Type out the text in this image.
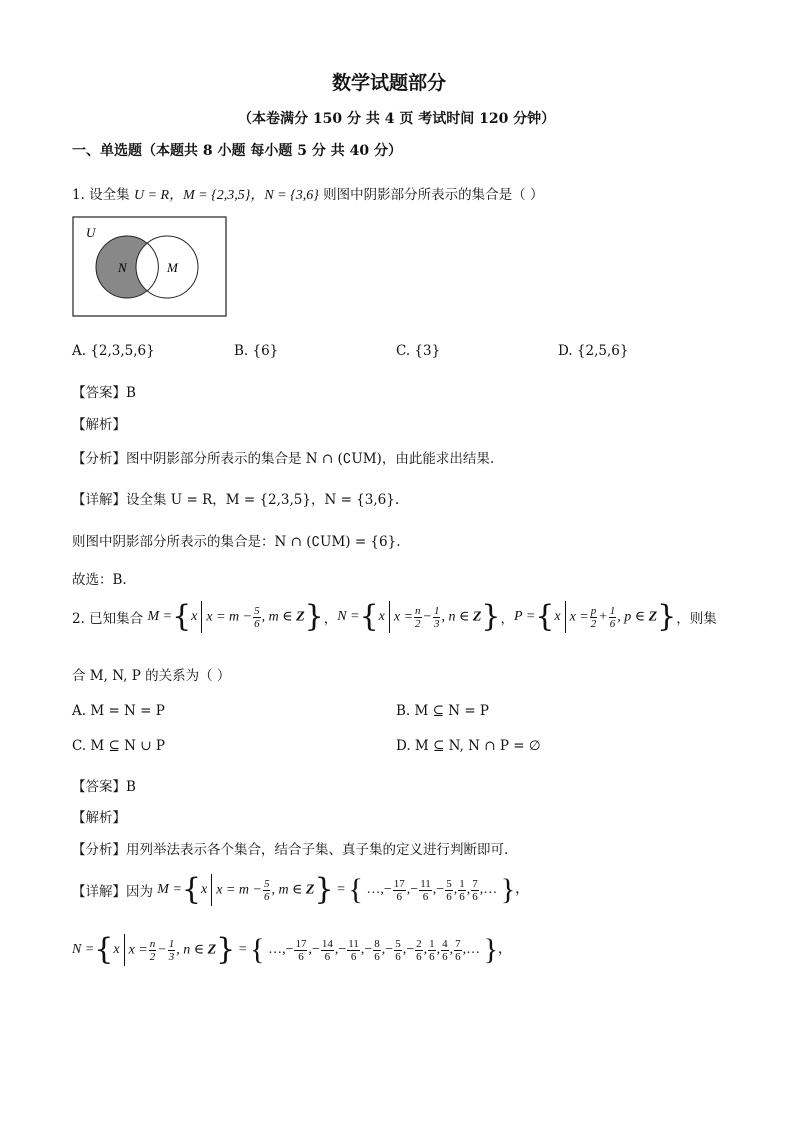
数学试题部分
（本卷满分 150 分 共 4 页 考试时间 120 分钟）
一、单选题（本题共 8 小题 每小题 5 分 共 40 分）
1. 设全集 U = R，M = {2,3,5}，N = {3,6} 则图中阴影部分所表示的集合是（ ）
U
N	M
A. {2,3,5,6}	B. {6}	C. {3}	D. {2,5,6}
【答案】B
【解析】
【分析】图中阴影部分所表示的集合是 N ∩ (∁UM)，由此能求出结果.
【详解】设全集 U = R，M = {2,3,5}，N = {3,6}.
则图中阴影部分所表示的集合是：N ∩ (∁UM) = {6}.
故选：B.
2. 已知集合
M = { x $x = m - \frac{5}{6}$ , m ∈ Z } ， N = { x $x = \frac{n}{2} - \frac{1}{3}$ , n ∈ Z } ， P = { x $x = \frac{p}{2} + \frac{1}{6}$ , p ∈ Z } ，则集
合 M, N, P 的关系为（ ）
A. M = N = P	B. M ⊆ N = P
C. M ⊆ N ∪ P	D. M ⊆ N, N ∩ P = ∅
【答案】B
【解析】
【分析】用列举法表示各个集合，结合子集、真子集的定义进行判断即可.
【详解】因为
M = { x $x = m - \frac{5}{6}$ , m ∈ Z } = { …,− $\frac{17}{6}$ ,− $\frac{11}{6}$ ,− $\frac{5}{6}$ , $\frac{1}{6}$ , $\frac{7}{6}$ ,… }，
N = { x $x = \frac{n}{2} - \frac{1}{3}$ , n ∈ Z } = { …,− $\frac{17}{6}$ ,− $\frac{14}{6}$ ,− $\frac{11}{6}$ ,− $\frac{8}{6}$ ,− $\frac{5}{6}$ ,− $\frac{2}{6}$ , $\frac{1}{6}$ , $\frac{4}{6}$ , $\frac{7}{6}$ ,… }，
